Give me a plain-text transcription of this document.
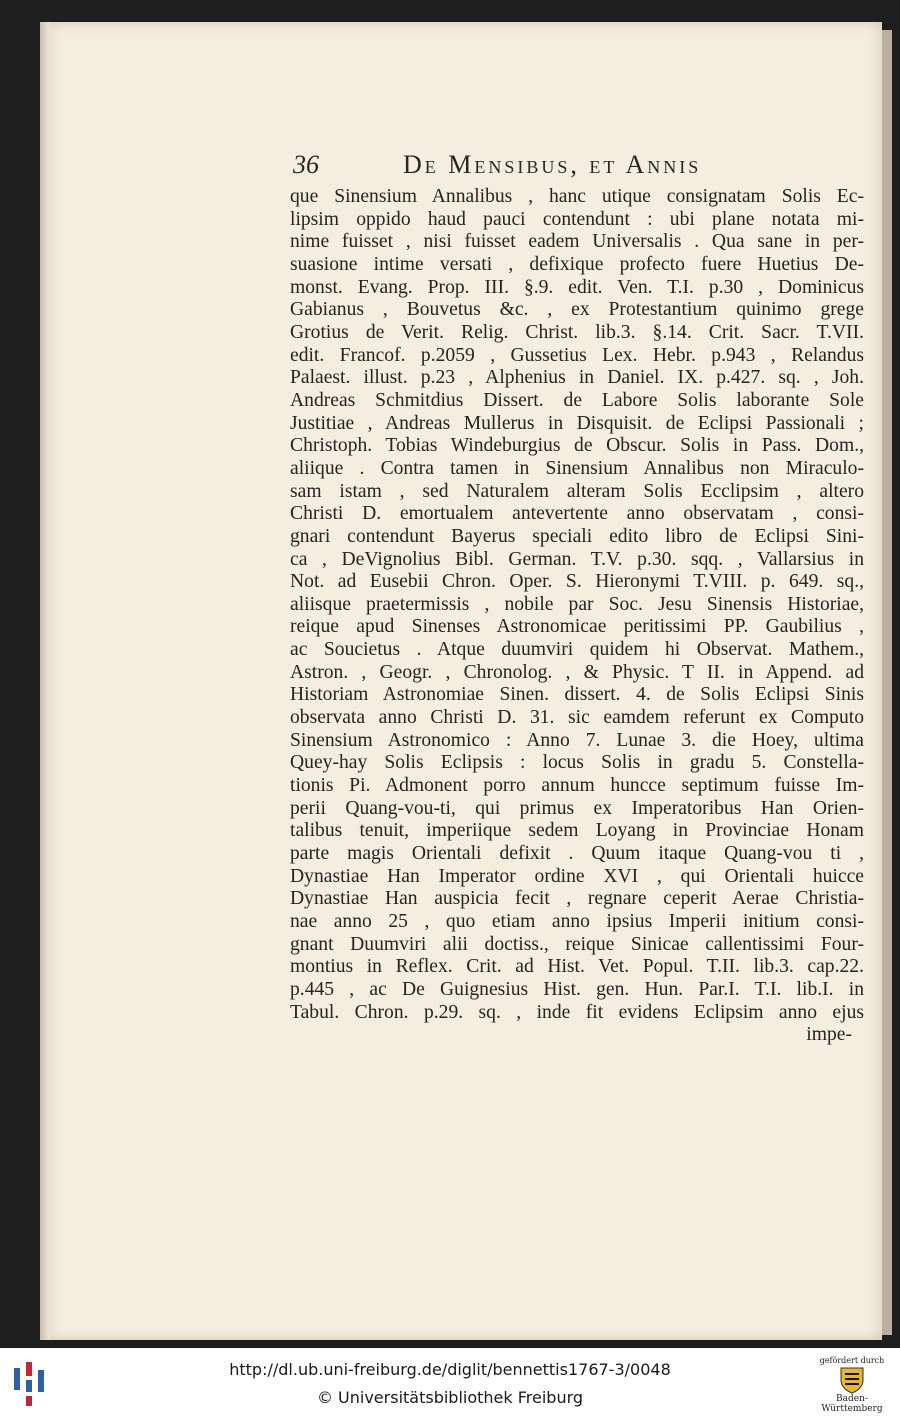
36	De Mensibus, et Annis
que Sinensium Annalibus , hanc utique consignatam Solis Ec-
lipsim oppido haud pauci contendunt : ubi plane notata mi-
nime fuisset , nisi fuisset eadem Universalis . Qua sane in per-
suasione intime versati , defixique profecto fuere Huetius De-
monst. Evang. Prop. III. §.9. edit. Ven. T.I. p.30 , Dominicus
Gabianus , Bouvetus &c. , ex Protestantium quinimo grege
Grotius de Verit. Relig. Christ. lib.3. §.14. Crit. Sacr. T.VII.
edit. Francof. p.2059 , Gussetius Lex. Hebr. p.943 , Relandus
Palaest. illust. p.23 , Alphenius in Daniel. IX. p.427. sq. , Joh.
Andreas Schmitdius Dissert. de Labore Solis laborante Sole
Justitiae , Andreas Mullerus in Disquisit. de Eclipsi Passionali ;
Christoph. Tobias Windeburgius de Obscur. Solis in Pass. Dom.,
aliique . Contra tamen in Sinensium Annalibus non Miraculo-
sam istam , sed Naturalem alteram Solis Ecclipsim , altero
Christi D. emortualem antevertente anno observatam , consi-
gnari contendunt Bayerus speciali edito libro de Eclipsi Sini-
ca , DeVignolius Bibl. German. T.V. p.30. sqq. , Vallarsius in
Not. ad Eusebii Chron. Oper. S. Hieronymi T.VIII. p. 649. sq.,
aliisque praetermissis , nobile par Soc. Jesu Sinensis Historiae,
reique apud Sinenses Astronomicae peritissimi PP. Gaubilius ,
ac Soucietus . Atque duumviri quidem hi Observat. Mathem.,
Astron. , Geogr. , Chronolog. , & Physic. T II. in Append. ad
Historiam Astronomiae Sinen. dissert. 4. de Solis Eclipsi Sinis
observata anno Christi D. 31. sic eamdem referunt ex Computo
Sinensium Astronomico : Anno 7. Lunae 3. die Hoey, ultima
Quey-hay Solis Eclipsis : locus Solis in gradu 5. Constella-
tionis Pi. Admonent porro annum huncce septimum fuisse Im-
perii Quang-vou-ti, qui primus ex Imperatoribus Han Orien-
talibus tenuit, imperiique sedem Loyang in Provinciae Honam
parte magis Orientali defixit . Quum itaque Quang-vou ti ,
Dynastiae Han Imperator ordine XVI , qui Orientali huicce
Dynastiae Han auspicia fecit , regnare ceperit Aerae Christia-
nae anno 25 , quo etiam anno ipsius Imperii initium consi-
gnant Duumviri alii doctiss., reique Sinicae callentissimi Four-
montius in Reflex. Crit. ad Hist. Vet. Popul. T.II. lib.3. cap.22.
p.445 , ac De Guignesius Hist. gen. Hun. Par.I. T.I. lib.I. in
Tabul. Chron. p.29. sq. , inde fit evidens Eclipsim anno ejus
impe-
http://dl.ub.uni-freiburg.de/diglit/bennettis1767-3/0048
© Universitätsbibliothek Freiburg
gefördert durch
Baden-Württemberg
